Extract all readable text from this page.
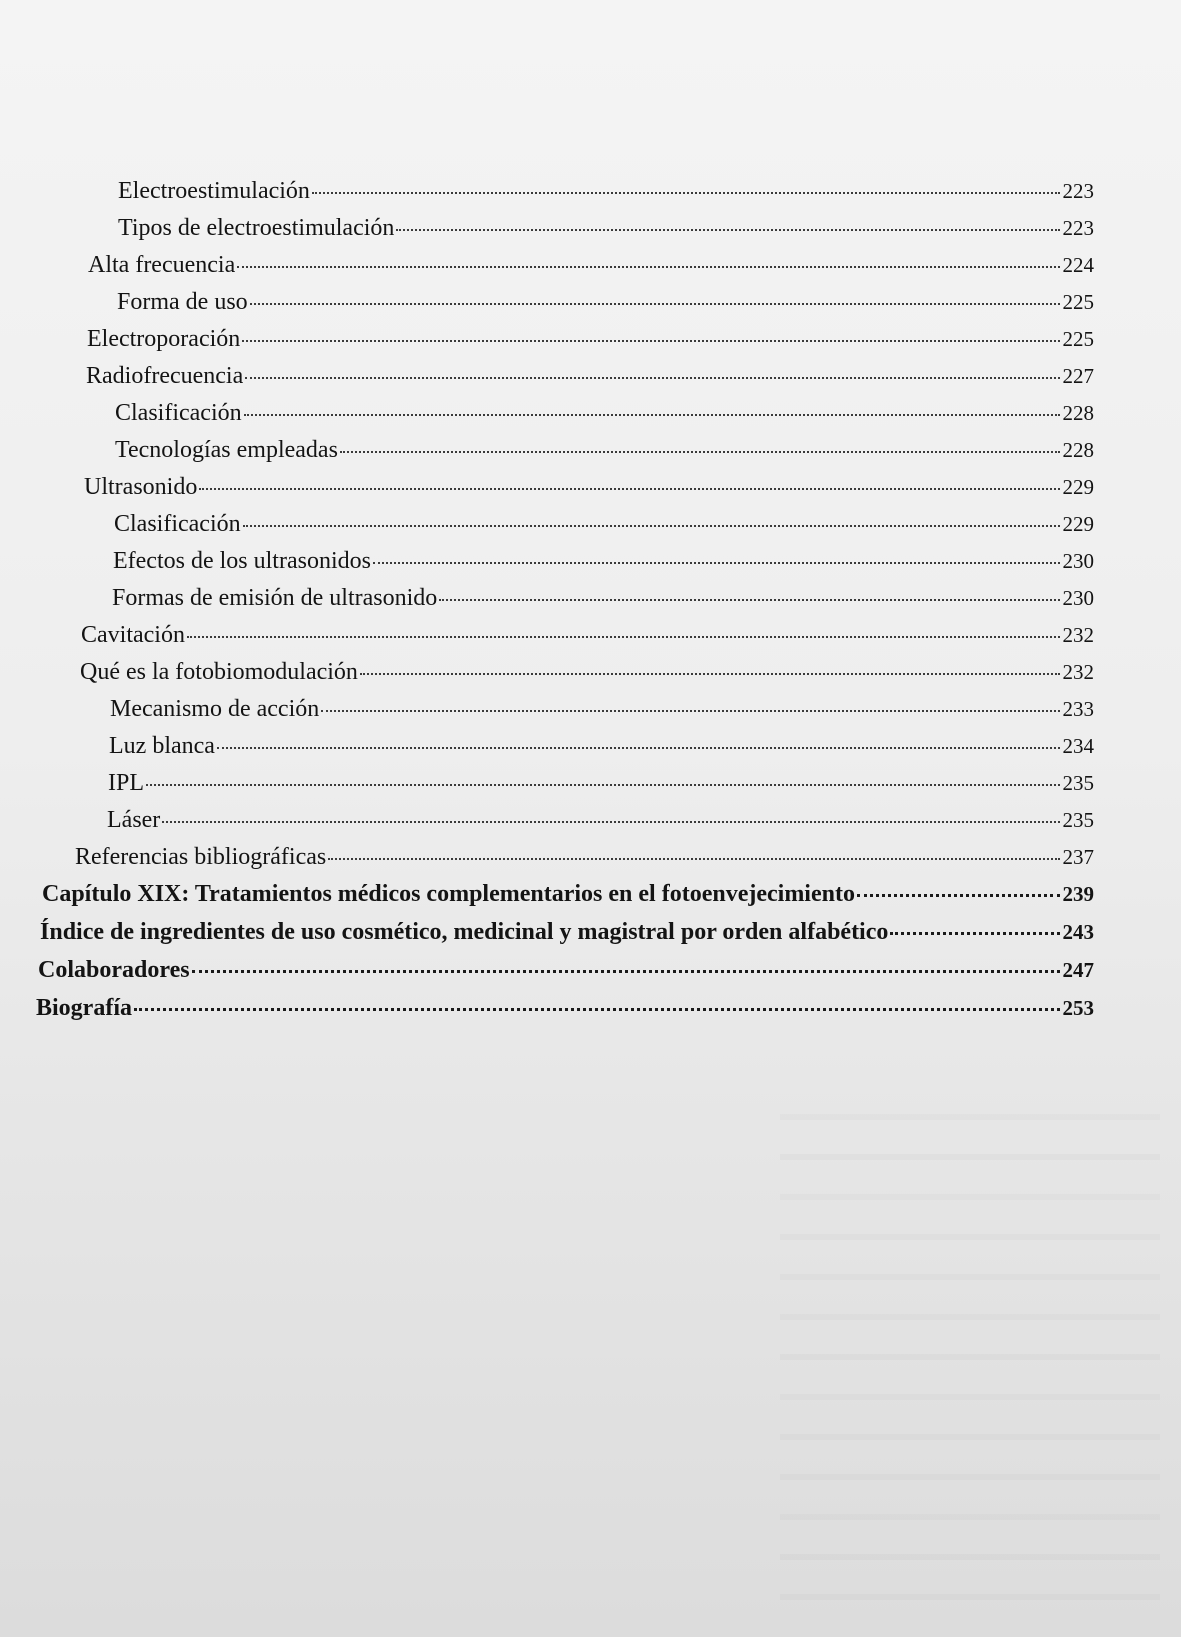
Electroestimulación	223
Tipos de electroestimulación	223
Alta frecuencia	224
Forma de uso	225
Electroporación	225
Radiofrecuencia	227
Clasificación	228
Tecnologías empleadas	228
Ultrasonido	229
Clasificación	229
Efectos de los ultrasonidos	230
Formas de emisión de ultrasonido	230
Cavitación	232
Qué es la fotobiomodulación	232
Mecanismo de acción	233
Luz blanca	234
IPL	235
Láser	235
Referencias bibliográficas	237
Capítulo XIX: Tratamientos médicos complementarios en el fotoenvejecimiento	239
Índice de ingredientes de uso cosmético, medicinal y magistral por orden alfabético	243
Colaboradores	247
Biografía	253
